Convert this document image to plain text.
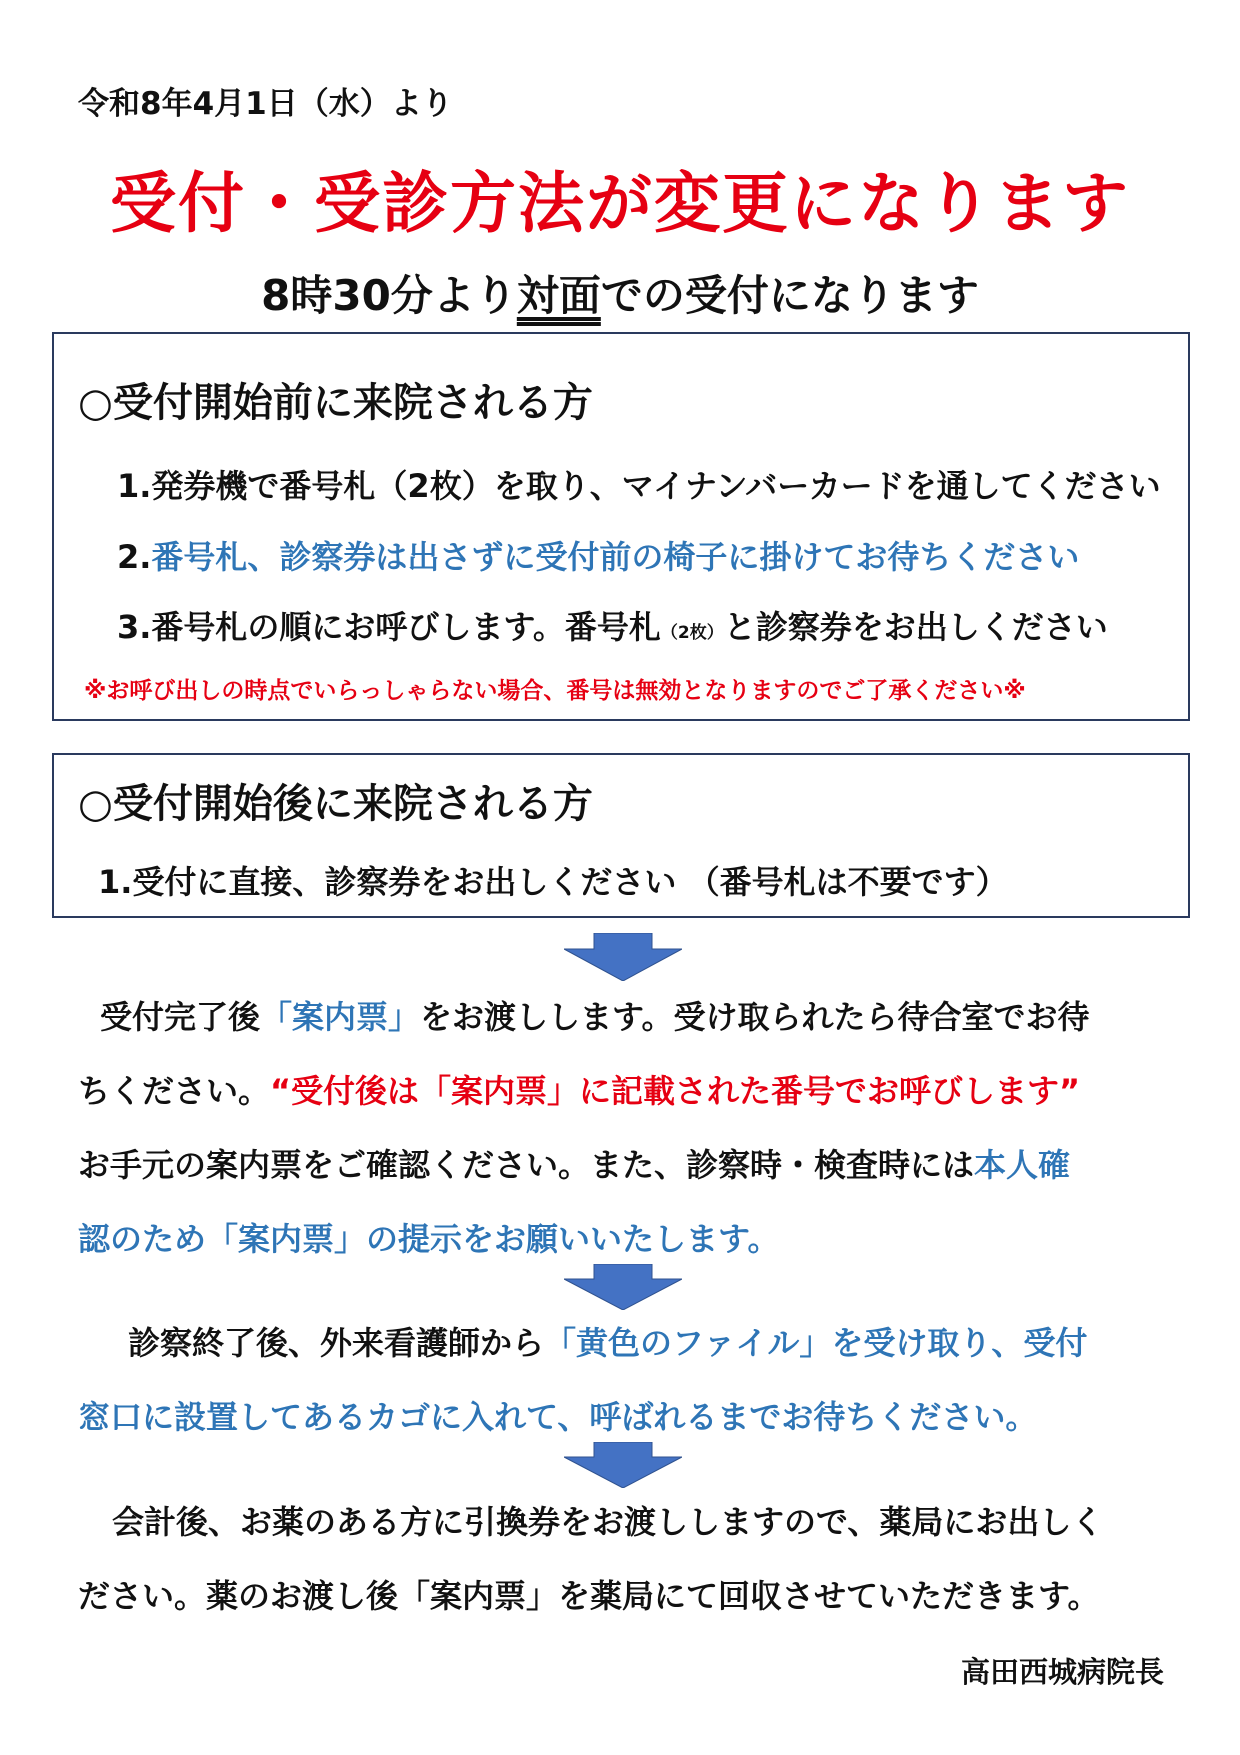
令和8年4月1日（水）より
受付・受診方法が変更になります
8時30分より対面での受付になります
○受付開始前に来院される方
1.発券機で番号札（2枚）を取り、マイナンバーカードを通してください
2.番号札、診察券は出さずに受付前の椅子に掛けてお待ちください
3.番号札の順にお呼びします。番号札（2枚）と診察券をお出しください
※お呼び出しの時点でいらっしゃらない場合、番号は無効となりますのでご了承ください※
○受付開始後に来院される方
1.受付に直接、診察券をお出しください （番号札は不要です）
受付完了後「案内票」をお渡しします。受け取られたら待合室でお待
ちください。“受付後は「案内票」に記載された番号でお呼びします”
お手元の案内票をご確認ください。また、診察時・検査時には本人確
認のため「案内票」の提示をお願いいたします。
診察終了後、外来看護師から「黄色のファイル」を受け取り、受付
窓口に設置してあるカゴに入れて、呼ばれるまでお待ちください。
会計後、お薬のある方に引換券をお渡ししますので、薬局にお出しく
ださい。薬のお渡し後「案内票」を薬局にて回収させていただきます。
高田西城病院長
